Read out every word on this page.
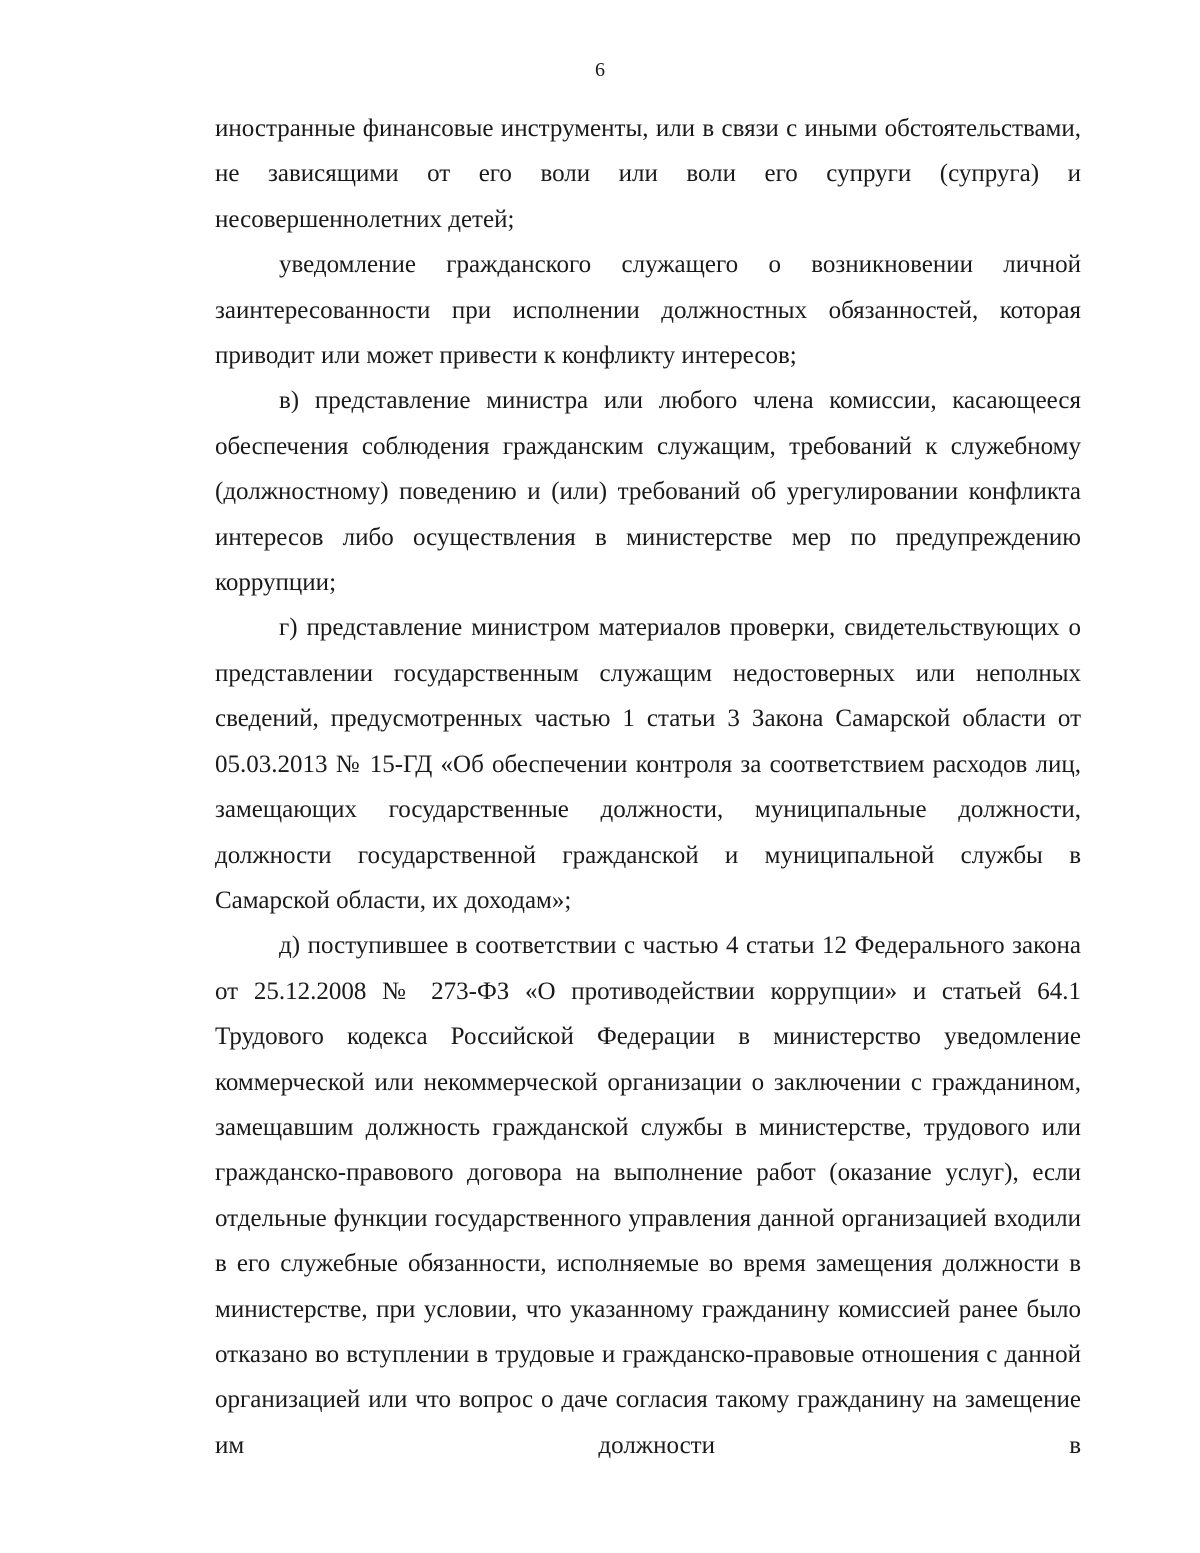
6

иностранные финансовые инструменты, или в связи с иными обстоятельствами, не зависящими от его воли или воли его супруги (супруга) и несовершеннолетних детей;

уведомление гражданского служащего о возникновении личной заинтересованности при исполнении должностных обязанностей, которая приводит или может привести к конфликту интересов;

в) представление министра или любого члена комиссии, касающееся обеспечения соблюдения гражданским служащим, требований к служебному (должностному) поведению и (или) требований об урегулировании конфликта интересов либо осуществления в министерстве мер по предупреждению коррупции;

г) представление министром материалов проверки, свидетельствующих о представлении государственным служащим недостоверных или неполных сведений, предусмотренных частью 1 статьи 3 Закона Самарской области от 05.03.2013 № 15-ГД «Об обеспечении контроля за соответствием расходов лиц, замещающих государственные должности, муниципальные должности, должности государственной гражданской и муниципальной службы в Самарской области, их доходам»;

д) поступившее в соответствии с частью 4 статьи 12 Федерального закона от 25.12.2008 № 273-ФЗ «О противодействии коррупции» и статьей 64.1 Трудового кодекса Российской Федерации в министерство уведомление коммерческой или некоммерческой организации о заключении с гражданином, замещавшим должность гражданской службы в министерстве, трудового или гражданско-правового договора на выполнение работ (оказание услуг), если отдельные функции государственного управления данной организацией входили в его служебные обязанности, исполняемые во время замещения должности в министерстве, при условии, что указанному гражданину комиссией ранее было отказано во вступлении в трудовые и гражданско-правовые отношения с данной организацией или что вопрос о даче согласия такому гражданину на замещение им должности в
